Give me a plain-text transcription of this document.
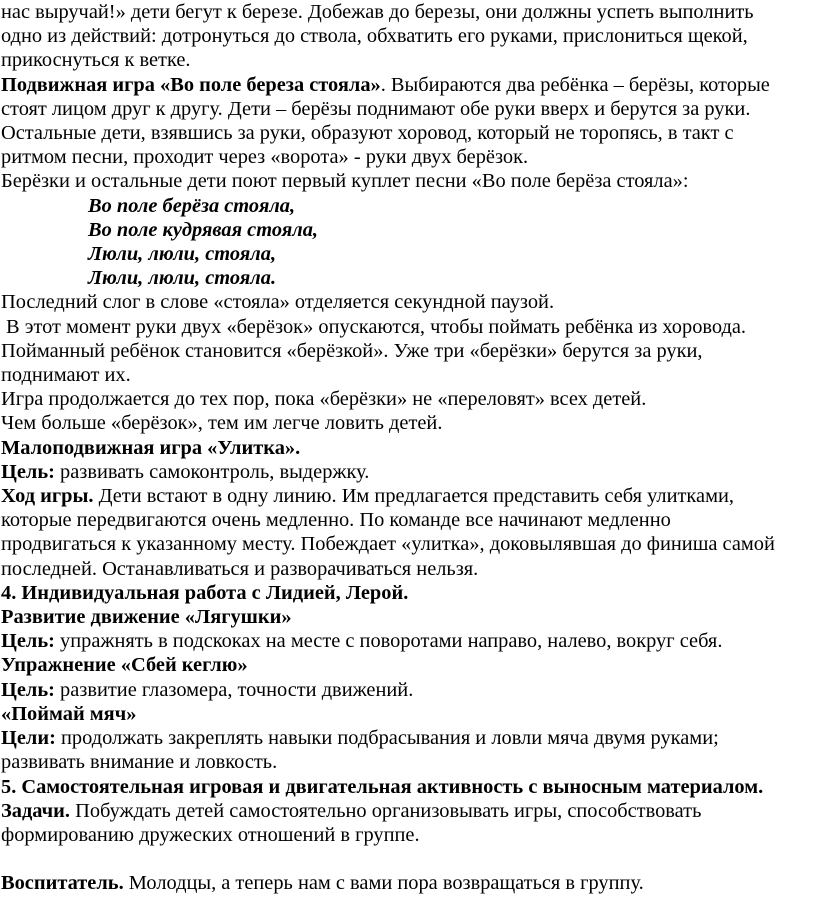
нас выручай!» дети бегут к березе. Добежав до березы, они должны успеть выполнить

одно из действий: дотронуться до ствола, обхватить его руками, прислониться щекой,

прикоснуться к ветке.

Подвижная игра «Во поле береза стояла». Выбираются два ребёнка – берёзы, которые

стоят лицом друг к другу. Дети – берёзы поднимают обе руки вверх и берутся за руки.

Остальные дети, взявшись за руки, образуют хоровод, который не торопясь, в такт с

ритмом песни, проходит через «ворота» - руки двух берёзок.

Берёзки и остальные дети поют первый куплет песни «Во поле берёза стояла»:

Во поле берёза стояла,

Во поле кудрявая стояла,

Люли, люли, стояла,

Люли, люли, стояла.

Последний слог в слове «стояла» отделяется секундной паузой.

В этот момент руки двух «берёзок» опускаются, чтобы поймать ребёнка из хоровода.

Пойманный ребёнок становится «берёзкой». Уже три «берёзки» берутся за руки,

поднимают их.

Игра продолжается до тех пор, пока «берёзки» не «переловят» всех детей.

Чем больше «берёзок», тем им легче ловить детей.

Малоподвижная игра «Улитка».

Цель: развивать самоконтроль, выдержку.

Ход игры. Дети встают в одну линию. Им предлагается представить себя улитками,

которые передвигаются очень медленно. По команде все начинают медленно

продвигаться к указанному месту. Побеждает «улитка», доковылявшая до финиша самой

последней. Останавливаться и разворачиваться нельзя.

4. Индивидуальная работа с Лидией, Лерой.

Развитие движение «Лягушки»

Цель: упражнять в подскоках на месте с поворотами направо, налево, вокруг себя.

Упражнение «Сбей кеглю»

Цель: развитие глазомера, точности движений.

«Поймай мяч»

Цели: продолжать закреплять навыки подбрасывания и ловли мяча двумя руками;

развивать внимание и ловкость.

5. Самостоятельная игровая и двигательная активность с выносным материалом.

Задачи. Побуждать детей самостоятельно организовывать игры, способствовать

формированию дружеских отношений в группе.

Воспитатель. Молодцы, а теперь нам с вами пора возвращаться в группу.
